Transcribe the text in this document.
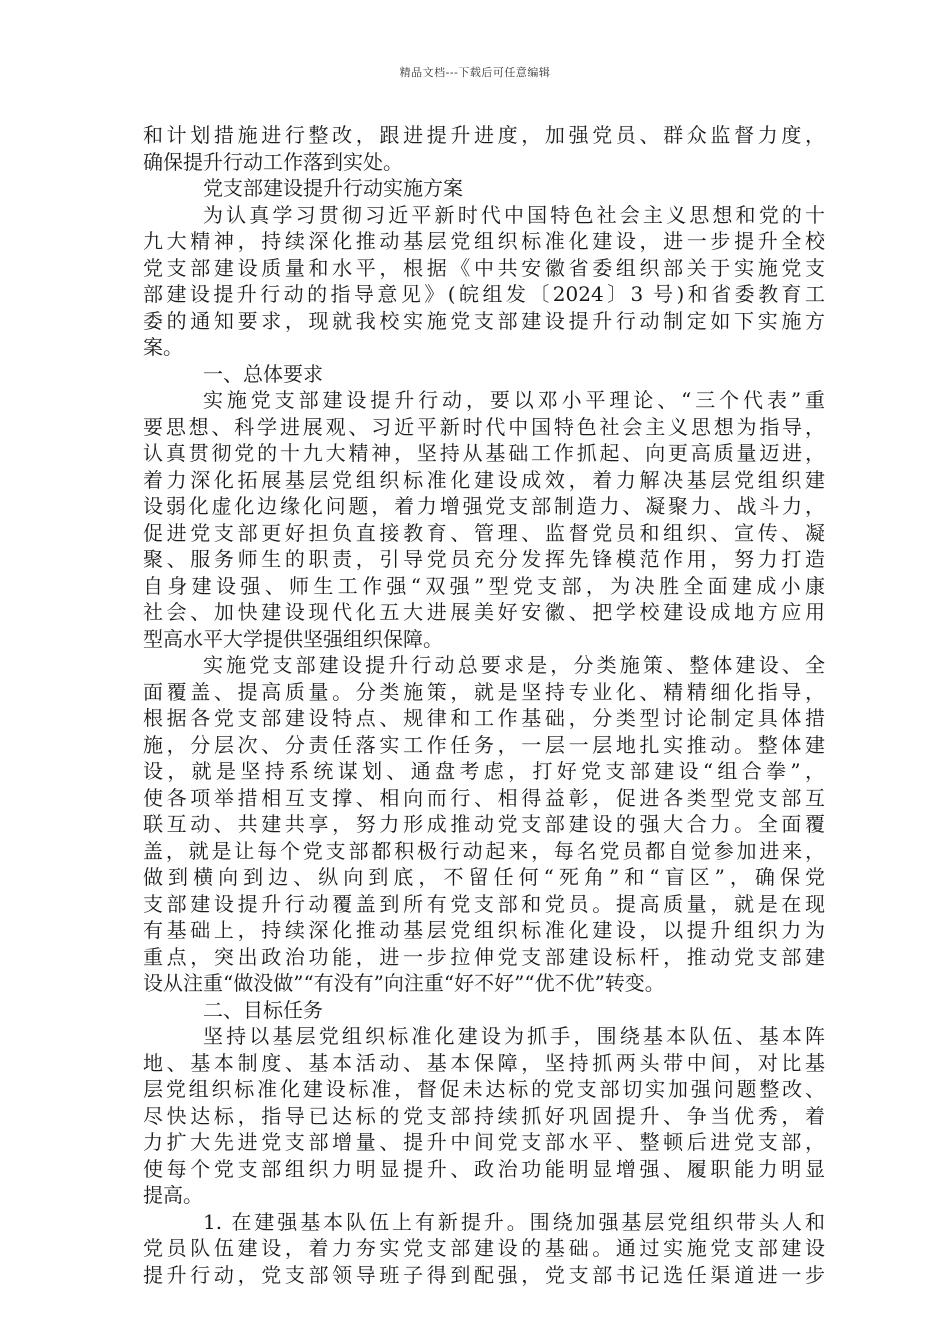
精品文档---下载后可任意编辑
和计划措施进行整改，跟进提升进度，加强党员、群众监督力度，
确保提升行动工作落到实处。
党支部建设提升行动实施方案
为认真学习贯彻习近平新时代中国特色社会主义思想和党的十
九大精神，持续深化推动基层党组织标准化建设，进一步提升全校
党支部建设质量和水平，根据《中共安徽省委组织部关于实施党支
部建设提升行动的指导意见》(皖组发〔2024〕3 号)和省委教育工
委的通知要求，现就我校实施党支部建设提升行动制定如下实施方
案。
一、总体要求
实施党支部建设提升行动，要以邓小平理论、“三个代表”重
要思想、科学进展观、习近平新时代中国特色社会主义思想为指导，
认真贯彻党的十九大精神，坚持从基础工作抓起、向更高质量迈进，
着力深化拓展基层党组织标准化建设成效，着力解决基层党组织建
设弱化虚化边缘化问题，着力增强党支部制造力、凝聚力、战斗力，
促进党支部更好担负直接教育、管理、监督党员和组织、宣传、凝
聚、服务师生的职责，引导党员充分发挥先锋模范作用，努力打造
自身建设强、师生工作强“双强”型党支部，为决胜全面建成小康
社会、加快建设现代化五大进展美好安徽、把学校建设成地方应用
型高水平大学提供坚强组织保障。
实施党支部建设提升行动总要求是，分类施策、整体建设、全
面覆盖、提高质量。分类施策，就是坚持专业化、精精细化指导，
根据各党支部建设特点、规律和工作基础，分类型讨论制定具体措
施，分层次、分责任落实工作任务，一层一层地扎实推动。整体建
设，就是坚持系统谋划、通盘考虑，打好党支部建设“组合拳”，
使各项举措相互支撑、相向而行、相得益彰，促进各类型党支部互
联互动、共建共享，努力形成推动党支部建设的强大合力。全面覆
盖，就是让每个党支部都积极行动起来，每名党员都自觉参加进来，
做到横向到边、纵向到底，不留任何“死角”和“盲区”，确保党
支部建设提升行动覆盖到所有党支部和党员。提高质量，就是在现
有基础上，持续深化推动基层党组织标准化建设，以提升组织力为
重点，突出政治功能，进一步拉伸党支部建设标杆，推动党支部建
设从注重“做没做”“有没有”向注重“好不好”“优不优”转变。
二、目标任务
坚持以基层党组织标准化建设为抓手，围绕基本队伍、基本阵
地、基本制度、基本活动、基本保障，坚持抓两头带中间，对比基
层党组织标准化建设标准，督促未达标的党支部切实加强问题整改、
尽快达标，指导已达标的党支部持续抓好巩固提升、争当优秀，着
力扩大先进党支部增量、提升中间党支部水平、整顿后进党支部，
使每个党支部组织力明显提升、政治功能明显增强、履职能力明显
提高。
1. 在建强基本队伍上有新提升。围绕加强基层党组织带头人和
党员队伍建设，着力夯实党支部建设的基础。通过实施党支部建设
提升行动，党支部领导班子得到配强，党支部书记选任渠道进一步
